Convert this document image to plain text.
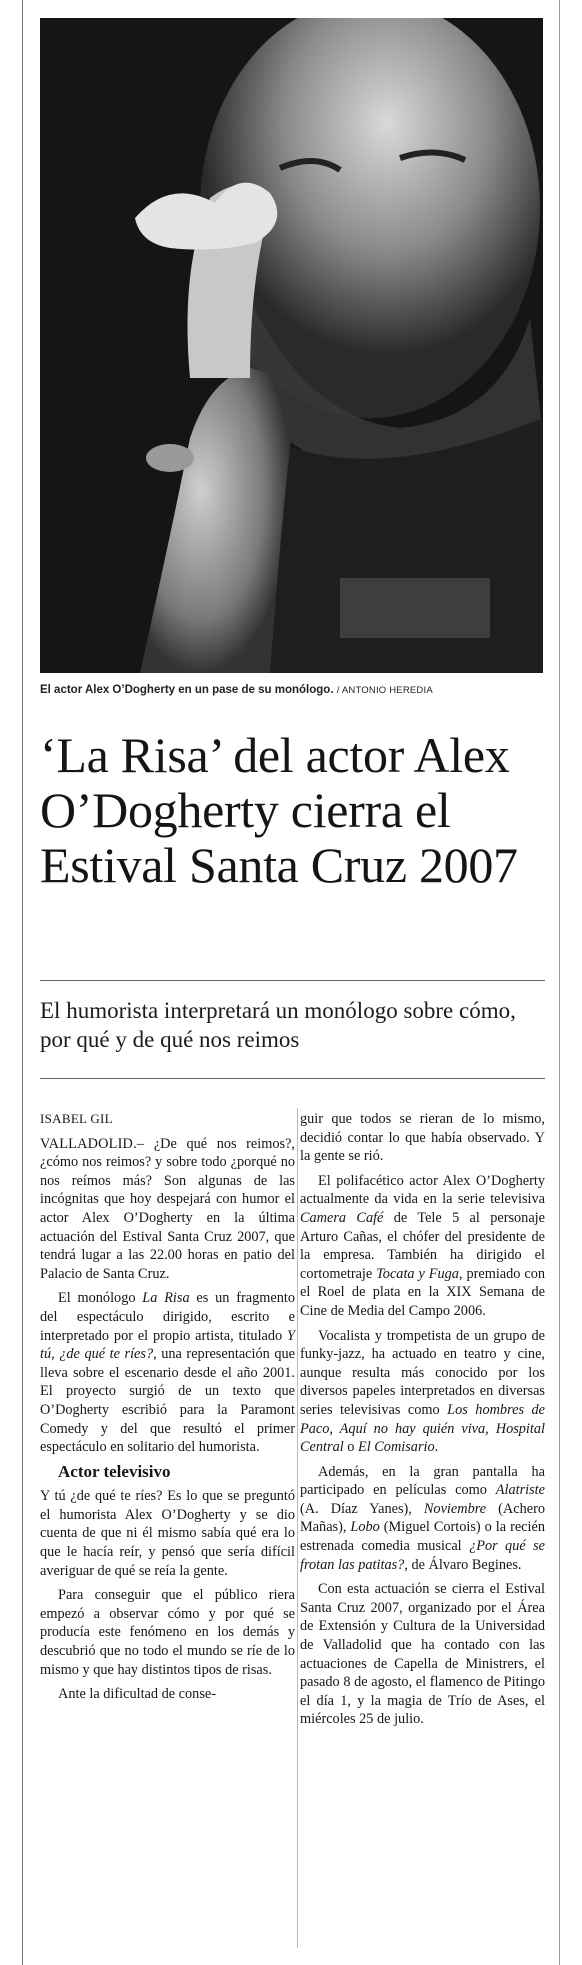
El actor Alex O’Dogherty en un pase de su monólogo. / ANTONIO HEREDIA
‘La Risa’ del actor Alex O’Dogherty cierra el Estival Santa Cruz 2007
El humorista interpretará un monólogo sobre cómo, por qué y de qué nos reimos

ISABEL GIL

VALLADOLID.– ¿De qué nos reimos?, ¿cómo nos reimos? y sobre todo ¿porqué no nos reímos más? Son algunas de las incógnitas que hoy despejará con humor el actor Alex O’Dogherty en la última actuación del Estival Santa Cruz 2007, que tendrá lugar a las 22.00 horas en patio del Palacio de Santa Cruz.

El monólogo La Risa es un fragmento del espectáculo dirigido, escrito e interpretado por el propio artista, titulado Y tú, ¿de qué te ríes?, una representación que lleva sobre el escenario desde el año 2001. El proyecto surgió de un texto que O’Dogherty escribió para la Paramont Comedy y del que resultó el primer espectáculo en solitario del humorista.

Actor televisivo

Y tú ¿de qué te ríes? Es lo que se preguntó el humorista Alex O’Dogherty y se dio cuenta de que ni él mismo sabía qué era lo que le hacía reír, y pensó que sería difícil averiguar de qué se reía la gente.

Para conseguir que el público riera empezó a observar cómo y por qué se producía este fenómeno en los demás y descubrió que no todo el mundo se ríe de lo mismo y que hay distintos tipos de risas.

Ante la dificultad de conse-

guir que todos se rieran de lo mismo, decidió contar lo que había observado. Y la gente se rió.

El polifacético actor Alex O’Dogherty actualmente da vida en la serie televisiva Camera Café de Tele 5 al personaje Arturo Cañas, el chófer del presidente de la empresa. También ha dirigido el cortometraje Tocata y Fuga, premiado con el Roel de plata en la XIX Semana de Cine de Media del Campo 2006.

Vocalista y trompetista de un grupo de funky-jazz, ha actuado en teatro y cine, aunque resulta más conocido por los diversos papeles interpretados en diversas series televisivas como Los hombres de Paco, Aquí no hay quién viva, Hospital Central o El Comisario.

Además, en la gran pantalla ha participado en películas como Alatriste (A. Díaz Yanes), Noviembre (Achero Mañas), Lobo (Miguel Cortois) o la recién estrenada comedia musical ¿Por qué se frotan las patitas?, de Álvaro Begines.

Con esta actuación se cierra el Estival Santa Cruz 2007, organizado por el Área de Extensión y Cultura de la Universidad de Valladolid que ha contado con las actuaciones de Capella de Ministrers, el pasado 8 de agosto, el flamenco de Pitingo el día 1, y la magia de Trío de Ases, el miércoles 25 de julio.
